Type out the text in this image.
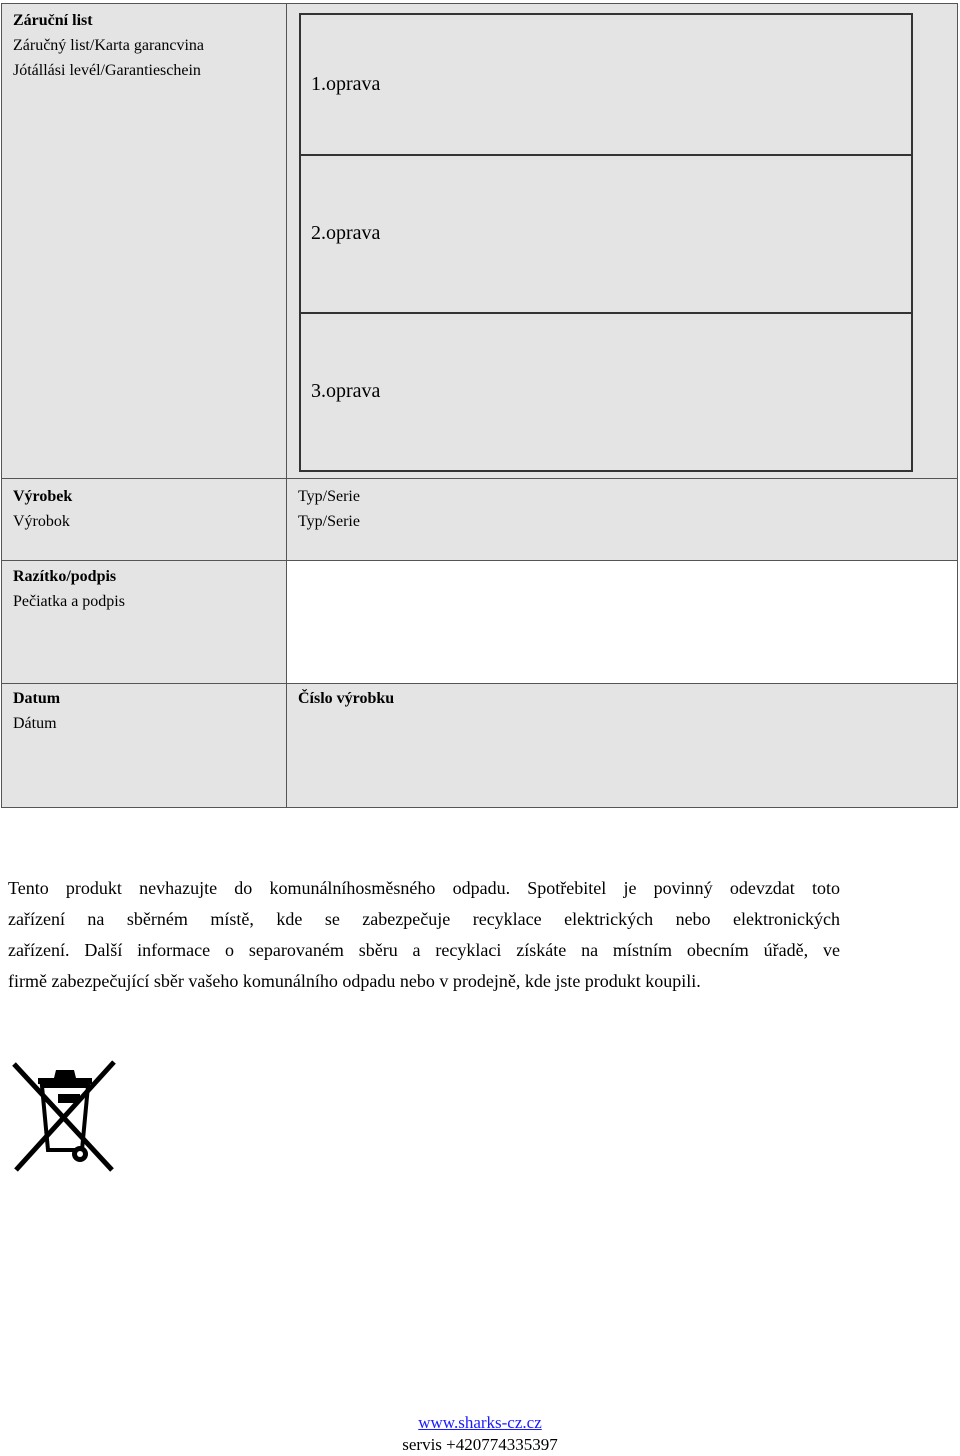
Záruční list
Záručný list/Karta garancvina
Jótállási levél/Garantieschein
1.oprava
2.oprava
3.oprava
Výrobek
Výrobok
Typ/Serie
Typ/Serie
Razítko/podpis
Pečiatka a podpis
Datum
Dátum
Číslo výrobku
Tento produkt nevhazujte do komunálníhosměsného odpadu. Spotřebitel je povinný odevzdat toto
zařízení na sběrném místě, kde se zabezpečuje recyklace elektrických nebo elektronických
zařízení. Další informace o separovaném sběru a recyklaci získáte na místním obecním úřadě, ve
firmě zabezpečující sběr vašeho komunálního odpadu nebo v prodejně, kde jste produkt koupili.
www.sharks-cz.cz
servis +420774335397
